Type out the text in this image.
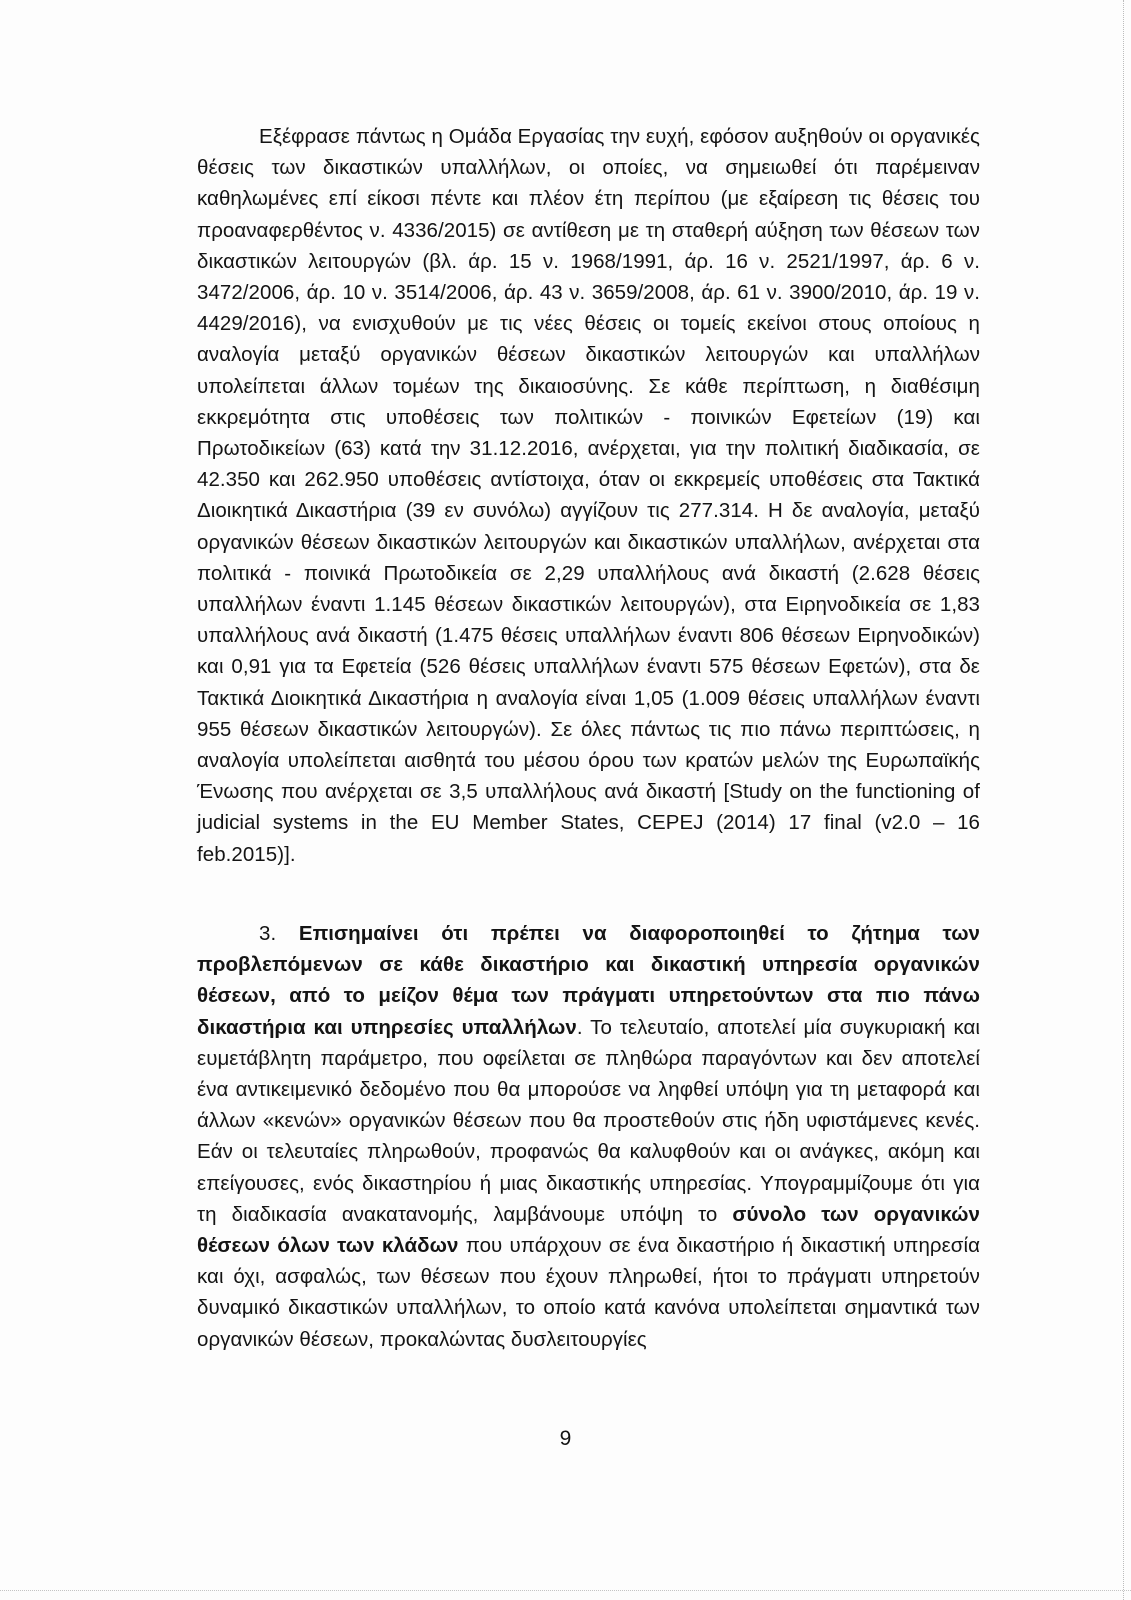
Εξέφρασε πάντως η Ομάδα Εργασίας την ευχή, εφόσον αυξηθούν οι οργανικές θέσεις των δικαστικών υπαλλήλων, οι οποίες, να σημειωθεί ότι παρέμειναν καθηλωμένες επί είκοσι πέντε και πλέον έτη περίπου (με εξαίρεση τις θέσεις του προαναφερθέντος ν. 4336/2015) σε αντίθεση με τη σταθερή αύξηση των θέσεων των δικαστικών λειτουργών (βλ. άρ. 15 ν. 1968/1991, άρ. 16 ν. 2521/1997, άρ. 6 ν. 3472/2006, άρ. 10 ν. 3514/2006, άρ. 43 ν. 3659/2008, άρ. 61 ν. 3900/2010, άρ. 19 ν. 4429/2016), να ενισχυθούν με τις νέες θέσεις οι τομείς εκείνοι στους οποίους η αναλογία μεταξύ οργανικών θέσεων δικαστικών λειτουργών και υπαλλήλων υπολείπεται άλλων τομέων της δικαιοσύνης. Σε κάθε περίπτωση, η διαθέσιμη εκκρεμότητα στις υποθέσεις των πολιτικών - ποινικών Εφετείων (19) και Πρωτοδικείων (63) κατά την 31.12.2016, ανέρχεται, για την πολιτική διαδικασία, σε 42.350 και 262.950 υποθέσεις αντίστοιχα, όταν οι εκκρεμείς υποθέσεις στα Τακτικά Διοικητικά Δικαστήρια (39 εν συνόλω) αγγίζουν τις 277.314. Η δε αναλογία, μεταξύ οργανικών θέσεων δικαστικών λειτουργών και δικαστικών υπαλλήλων, ανέρχεται στα πολιτικά - ποινικά Πρωτοδικεία σε 2,29 υπαλλήλους ανά δικαστή (2.628 θέσεις υπαλλήλων έναντι 1.145 θέσεων δικαστικών λειτουργών), στα Ειρηνοδικεία σε 1,83 υπαλλήλους ανά δικαστή (1.475 θέσεις υπαλλήλων έναντι 806 θέσεων Ειρηνοδικών) και 0,91 για τα Εφετεία (526 θέσεις υπαλλήλων έναντι 575 θέσεων Εφετών), στα δε Τακτικά Διοικητικά Δικαστήρια η αναλογία είναι 1,05 (1.009 θέσεις υπαλλήλων έναντι 955 θέσεων δικαστικών λειτουργών). Σε όλες πάντως τις πιο πάνω περιπτώσεις, η αναλογία υπολείπεται αισθητά του μέσου όρου των κρατών μελών της Ευρωπαϊκής Ένωσης που ανέρχεται σε 3,5 υπαλλήλους ανά δικαστή [Study on the functioning of judicial systems in the EU Member States, CEPEJ (2014) 17 final (v2.0 – 16 feb.2015)].

3. Επισημαίνει ότι πρέπει να διαφοροποιηθεί το ζήτημα των προβλεπόμενων σε κάθε δικαστήριο και δικαστική υπηρεσία οργανικών θέσεων, από το μείζον θέμα των πράγματι υπηρετούντων στα πιο πάνω δικαστήρια και υπηρεσίες υπαλλήλων. Το τελευταίο, αποτελεί μία συγκυριακή και ευμετάβλητη παράμετρο, που οφείλεται σε πληθώρα παραγόντων και δεν αποτελεί ένα αντικειμενικό δεδομένο που θα μπορούσε να ληφθεί υπόψη για τη μεταφορά και άλλων «κενών» οργανικών θέσεων που θα προστεθούν στις ήδη υφιστάμενες κενές. Εάν οι τελευταίες πληρωθούν, προφανώς θα καλυφθούν και οι ανάγκες, ακόμη και επείγουσες, ενός δικαστηρίου ή μιας δικαστικής υπηρεσίας. Υπογραμμίζουμε ότι για τη διαδικασία ανακατανομής, λαμβάνουμε υπόψη το σύνολο των οργανικών θέσεων όλων των κλάδων που υπάρχουν σε ένα δικαστήριο ή δικαστική υπηρεσία και όχι, ασφαλώς, των θέσεων που έχουν πληρωθεί, ήτοι το πράγματι υπηρετούν δυναμικό δικαστικών υπαλλήλων, το οποίο κατά κανόνα υπολείπεται σημαντικά των οργανικών θέσεων, προκαλώντας δυσλειτουργίες

9
